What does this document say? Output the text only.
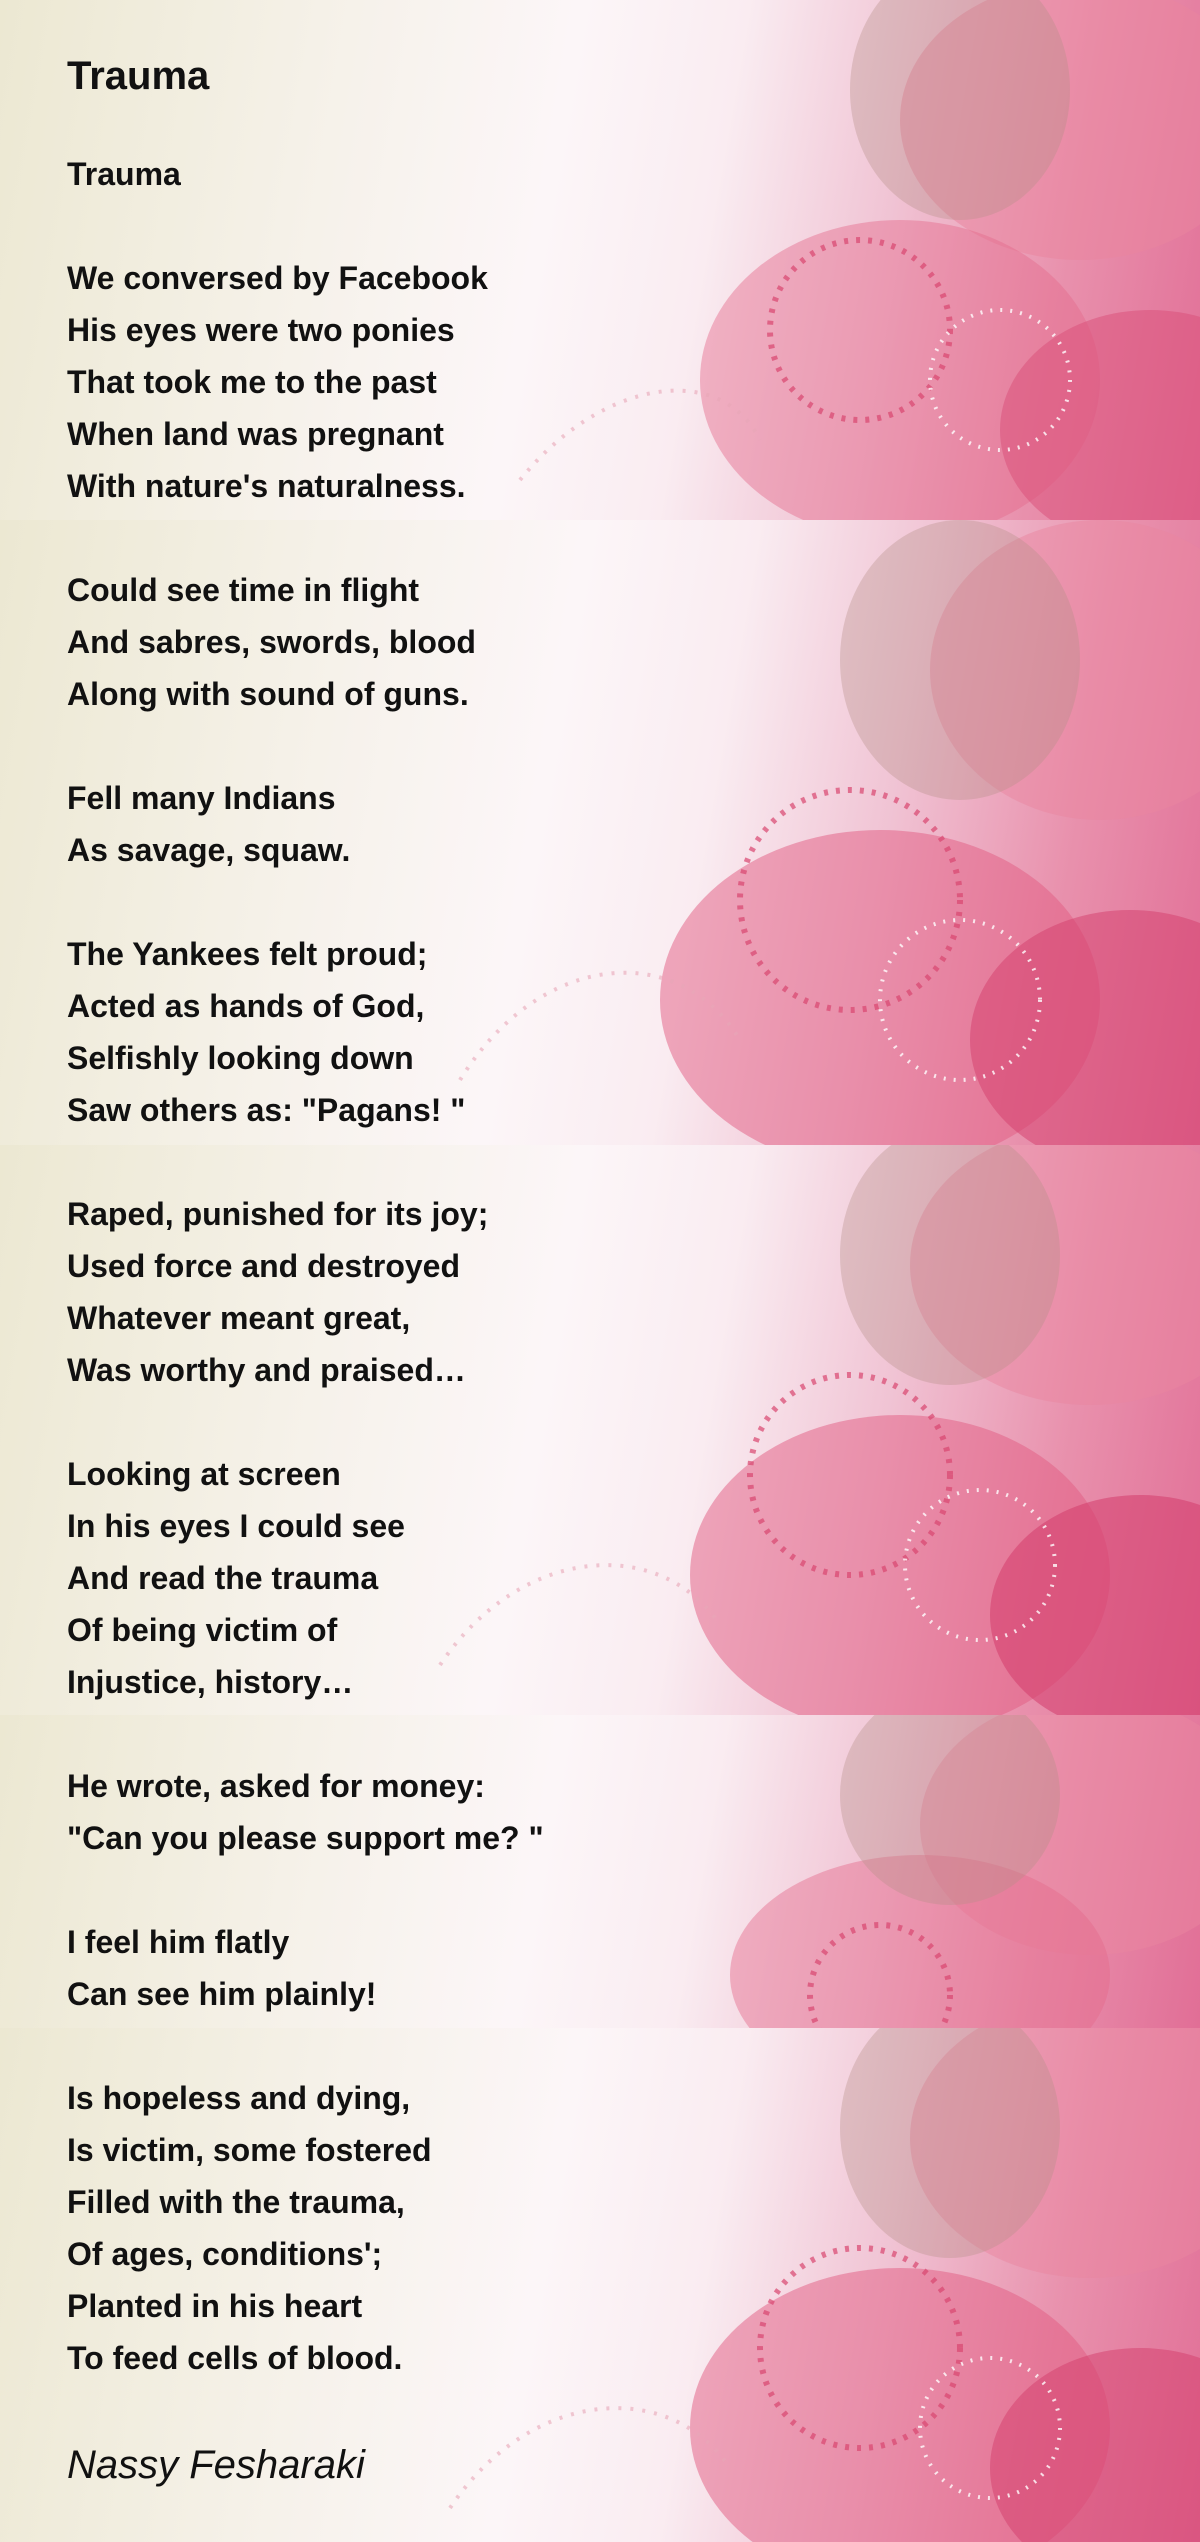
Trauma
Trauma
We conversed by Facebook
His eyes were two ponies
That took me to the past
When land was pregnant
With nature's naturalness.
Could see time in flight
And sabres, swords, blood
Along with sound of guns.
Fell many Indians
As savage, squaw.
The Yankees felt proud;
Acted as hands of God,
Selfishly looking down
Saw others as: "Pagans! "
Raped, punished for its joy;
Used force and destroyed
Whatever meant great,
Was worthy and praised…
Looking at screen
In his eyes I could see
And read the trauma
Of being victim of
Injustice, history…
He wrote, asked for money:
"Can you please support me? "
I feel him flatly
Can see him plainly!
Is hopeless and dying,
Is victim, some fostered
Filled with the trauma,
Of ages, conditions';
Planted in his heart
To feed cells of blood.
Nassy Fesharaki
